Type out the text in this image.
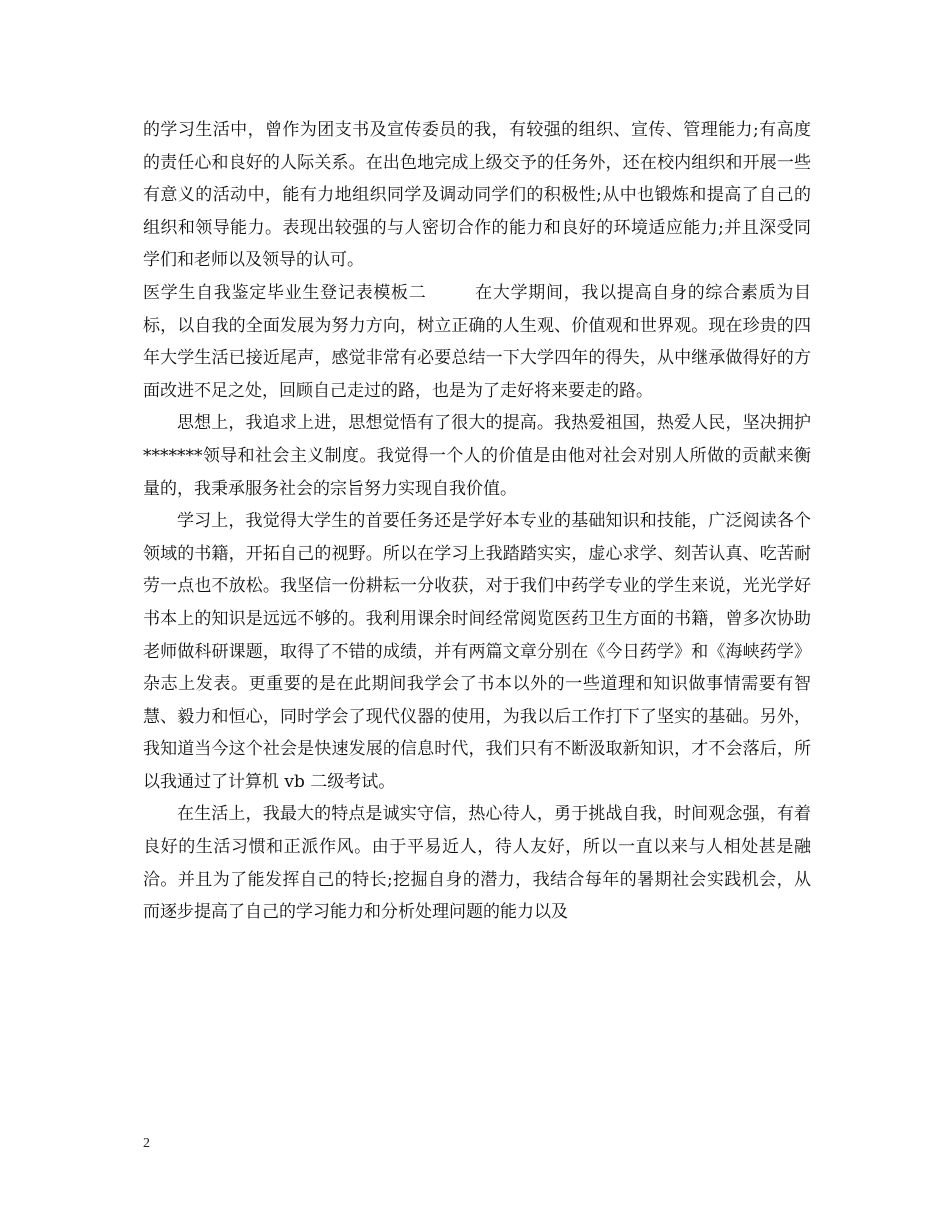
的学习生活中，曾作为团支书及宣传委员的我，有较强的组织、宣传、管理能力;有高度的责任心和良好的人际关系。在出色地完成上级交予的任务外，还在校内组织和开展一些有意义的活动中，能有力地组织同学及调动同学们的积极性;从中也锻炼和提高了自己的组织和领导能力。表现出较强的与人密切合作的能力和良好的环境适应能力;并且深受同学们和老师以及领导的认可。

医学生自我鉴定毕业生登记表模板二	在大学期间，我以提高自身的综合素质为目标，以自我的全面发展为努力方向，树立正确的人生观、价值观和世界观。现在珍贵的四年大学生活已接近尾声，感觉非常有必要总结一下大学四年的得失，从中继承做得好的方面改进不足之处，回顾自己走过的路，也是为了走好将来要走的路。

思想上，我追求上进，思想觉悟有了很大的提高。我热爱祖国，热爱人民，坚决拥护*******领导和社会主义制度。我觉得一个人的价值是由他对社会对别人所做的贡献来衡量的，我秉承服务社会的宗旨努力实现自我价值。

学习上，我觉得大学生的首要任务还是学好本专业的基础知识和技能，广泛阅读各个领域的书籍，开拓自己的视野。所以在学习上我踏踏实实，虚心求学、刻苦认真、吃苦耐劳一点也不放松。我坚信一份耕耘一分收获，对于我们中药学专业的学生来说，光光学好书本上的知识是远远不够的。我利用课余时间经常阅览医药卫生方面的书籍，曾多次协助老师做科研课题，取得了不错的成绩，并有两篇文章分别在《今日药学》和《海峡药学》杂志上发表。更重要的是在此期间我学会了书本以外的一些道理和知识做事情需要有智慧、毅力和恒心，同时学会了现代仪器的使用，为我以后工作打下了坚实的基础。另外，我知道当今这个社会是快速发展的信息时代，我们只有不断汲取新知识，才不会落后，所以我通过了计算机 vb 二级考试。

在生活上，我最大的特点是诚实守信，热心待人，勇于挑战自我，时间观念强，有着良好的生活习惯和正派作风。由于平易近人，待人友好，所以一直以来与人相处甚是融洽。并且为了能发挥自己的特长;挖掘自身的潜力，我结合每年的暑期社会实践机会，从而逐步提高了自己的学习能力和分析处理问题的能力以及

2
